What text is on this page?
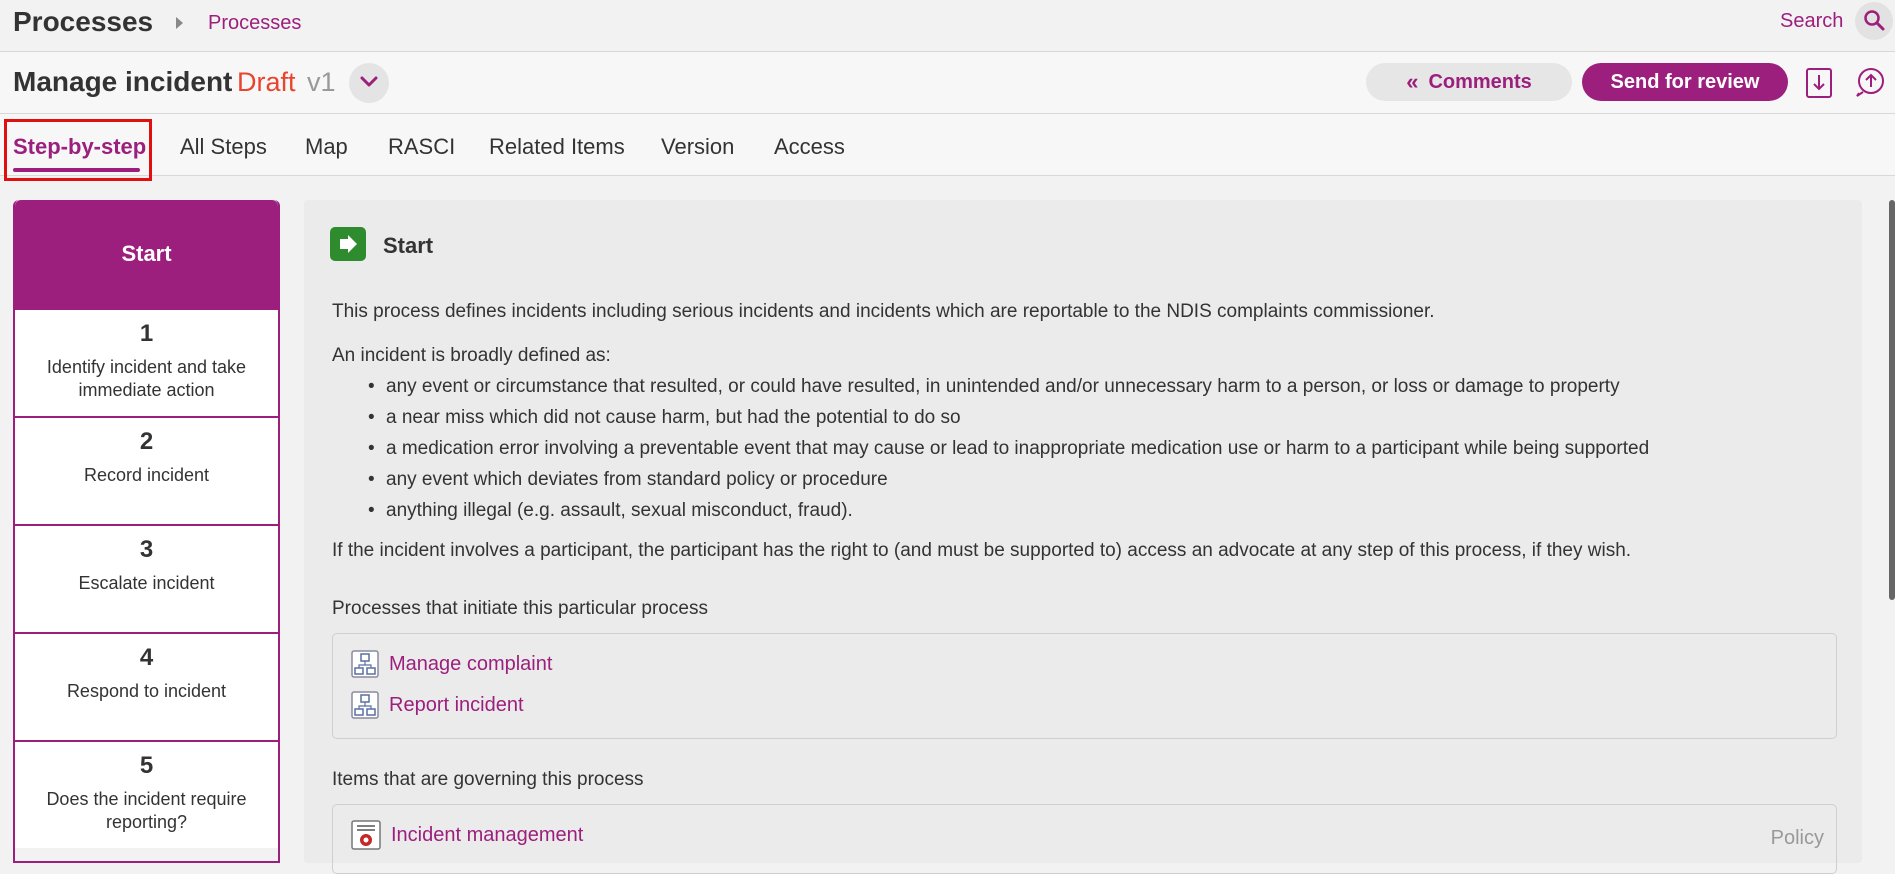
Processes	Processes	Search
Manage incident Draft v1	« Comments	Send for review
Step-by-step All Steps Map RASCI Related Items Version Access
Start
1
Identify incident and take immediate action
2
Record incident
3
Escalate incident
4
Respond to incident
5
Does the incident require reporting?
Start
This process defines incidents including serious incidents and incidents which are reportable to the NDIS complaints commissioner.
An incident is broadly defined as:
• any event or circumstance that resulted, or could have resulted, in unintended and/or unnecessary harm to a person, or loss or damage to property
• a near miss which did not cause harm, but had the potential to do so
• a medication error involving a preventable event that may cause or lead to inappropriate medication use or harm to a participant while being supported
• any event which deviates from standard policy or procedure
• anything illegal (e.g. assault, sexual misconduct, fraud).
If the incident involves a participant, the participant has the right to (and must be supported to) access an advocate at any step of this process, if they wish.
Processes that initiate this particular process
Manage complaint
Report incident
Items that are governing this process
Incident management	Policy
